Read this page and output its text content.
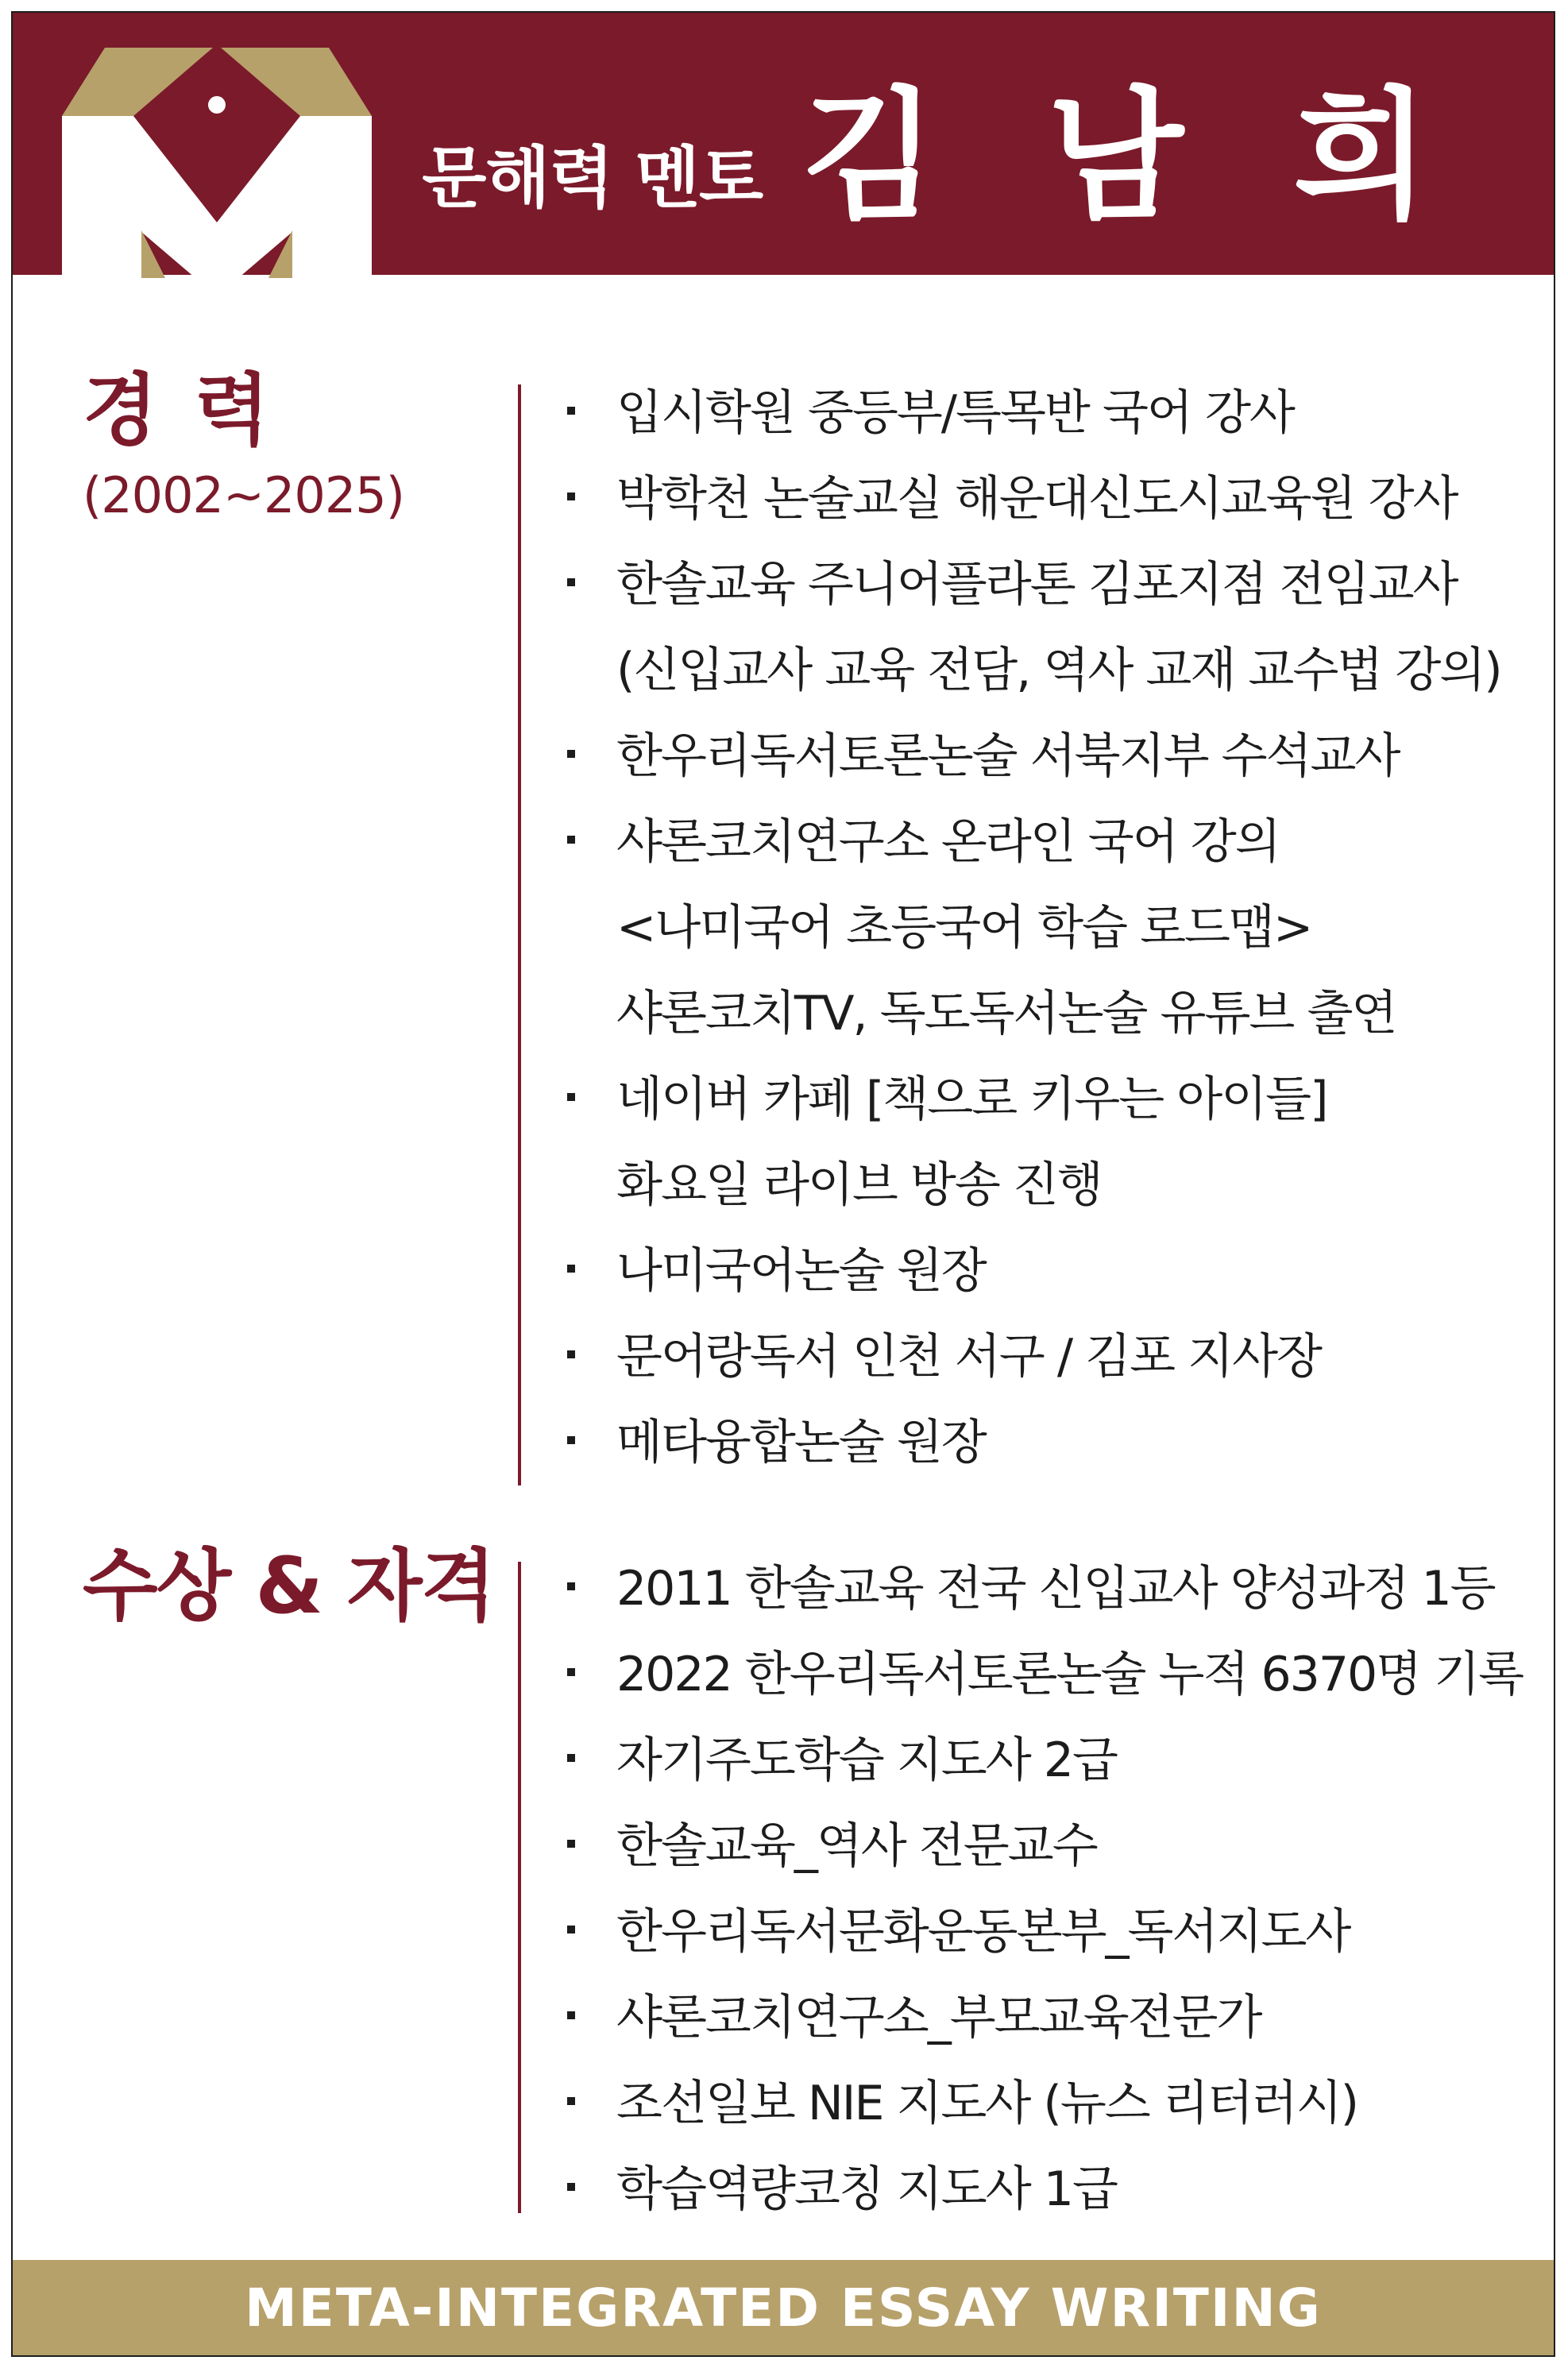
문해력 멘토 김 남 희
경 력
(2002~2025)
입시학원 중등부/특목반 국어 강사
박학천 논술교실 해운대신도시교육원 강사
한솔교육 주니어플라톤 김포지점 전임교사
(신입교사 교육 전담, 역사 교재 교수법 강의)
한우리독서토론논술 서북지부 수석교사
샤론코치연구소 온라인 국어 강의
<나미국어 초등국어 학습 로드맵>
샤론코치TV, 독도독서논술 유튜브 출연
네이버 카페 [책으로 키우는 아이들]
화요일 라이브 방송 진행
나미국어논술 원장
문어랑독서 인천 서구 / 김포 지사장
메타융합논술 원장
수상 & 자격	2011 한솔교육 전국 신입교사 양성과정 1등
2022 한우리독서토론논술 누적 6370명 기록
자기주도학습 지도사 2급
한솔교육_역사 전문교수
한우리독서문화운동본부_독서지도사
샤론코치연구소_부모교육전문가
조선일보 NIE 지도사 (뉴스 리터러시)
학습역량코칭 지도사 1급
META-INTEGRATED ESSAY WRITING
